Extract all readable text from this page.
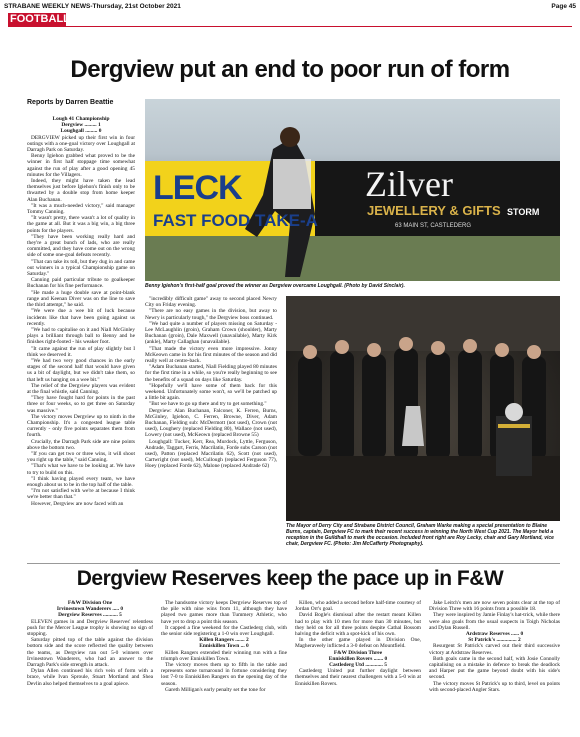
STRABANE WEEKLY NEWS-Thursday, 21st October 2021	Page 45
FOOTBALL
Dergview put an end to poor run of form
Reports by Darren Beattie

Lough 41 Championship

Dergview ......... 1

Loughgall ......... 0

DERGVIEW picked up their first win in four outings with a one-goal victory over Loughgall at Darragh Park on Saturday.

Benny Igiehon grabbed what proved to be the winner in first half stoppage time somewhat against the run of play after a good opening 45 minutes for the Villagers.

Indeed, they might have taken the lead themselves just before Igiehon's finish only to be thwarted by a double stop from home keeper Alan Buchanan.

"It was a much-needed victory," said manager Tommy Canning.

"It wasn't pretty, there wasn't a lot of quality in the game at all. But it was a big win, a big three points for the players.

"They have been working really hard and they're a great bunch of lads, who are really committed, and they have come out on the wrong side of some one-goal defeats recently.

"That can take its toll, but they dug in and came out winners in a typical Championship game on Saturday."

Canning paid particular tribute to goalkeeper Buchanan for his fine performance.

"He made a huge double save at point-blank range and Keenan Diver was on the line to save the third attempt," he said.

"We were due a wee bit of luck because incidents like that have been going against us recently.

"We had to capitalise on it and Niall McGinley plays a brilliant through ball to Benny and he finishes right-footed - his weaker foot.

"It came against the run of play slightly but I think we deserved it.

"We had two very good chances in the early stages of the second half that would have given us a bit of daylight, but we didn't take them, so that left us hanging on a wee bit."

The relief of the Dergview players was evident at the final whistle, said Canning.

"They have fought hard for points in the past three or four weeks, so to get three on Saturday was massive."

The victory moves Dergview up to ninth in the Championship. It's a congested league table currently - only five points separates them from fourth.

Crucially, the Darragh Park side are nine points above the bottom two.

"If you can get two or three wins, it will shoot you right up the table," said Canning.

"That's what we have to be looking at. We have to try to build on this.

"I think having played every team, we have enough about us to be in the top half of the table.

"I'm not satisfied with we're at because I think we're better than that."

However, Dergview are now faced with an

LECK
FAST FOOD TAKE-A
Zilver
JEWELLERY & GIFTS
63 MAIN ST, CASTLEDERG
STORM
Benny Igiehon's first-half goal proved the winner as Dergview overcame Loughgall. (Photo by David Sinclair).

"incredibly difficult game" away to second placed Newry City on Friday evening.

"There are no easy games in the division, but away to Newry is particularly tough," the Dergview boss continued.

"We had quite a number of players missing on Saturday - Lee McLaughlin (groin), Graham Crown (shoulder), Marty Buchanan (groin), Dale Maxwell (unavailable), Marty Kirk (ankle), Marty Callaghan (unavailable).

"That made the victory even more impressive. Jonny McKeown came in for his first minutes of the season and did really well at centre-back.

"Adam Buchanan started, Niall Fielding played 80 minutes for the first time in a while, so you're really beginning to see the benefits of a squad on days like Saturday.

"Hopefully we'll have some of them back for this weekend. Unfortunately some won't, so we'll be patched up a little bit again.

"But we have to go up there and try to get something."

Dergview: Alan Buchanan, Falconer, K. Ferren, Burns, McGinley, Igiehon, C. Ferren, Browne, Diver, Adam Buchanan, Fielding sub: McDermott (not used), Crown (not used), Loughery (replaced Fielding 80), Wallace (not used), Lowery (not used), McKeown (replaced Browne 55)

Loughgall: Tucker, Kerr, Rea, Murdock, Lyttle, Ferguson, Andrade, Taggart, Ferris, Macrilatin, Forde subs Carson (not used), Patton (replaced Macrilatin 62), Scott (not used), Cartwright (not used), McCullough (replaced Ferguson 77), Hoey (replaced Forde 62), Malone (replaced Andrade 62)

The Mayor of Derry City and Strabane District Council, Graham Warke making a special presentation to Blaine Burns, captain, Dergview FC to mark their recent success in winning the North West Cup 2021. The Mayor held a reception in the Guildhall to mark the occasion. Included front right are Roy Lecky, chair and Gary Mortland, vice chair, Dergview FC. (Photo: Jim McCafferty Photography).
Dergview Reserves keep the pace up in F&W

F&W Division One

Irvinestown Wanderers ..... 0

Dergview Reserves ........... 5

ELEVEN games in and Dergview Reserves' relentless push for the Mercer League trophy is showing no sign of stopping.

Saturday pitted top of the table against the division bottom side and the score reflected the quality between the teams, as Dergview ran out 5-0 winners over Irvinestown Wanderers, who had an answer to the Darragh Park's side strength in attack.

Dylan Allen continued his rich vein of form with a brace, while Ivan Sproule, Stuart Mortland and Shea Devlin also helped themselves to a goal apiece.

The handsome victory keeps Dergview Reserves top of the pile with nine wins from 11, although they have played two games more than Tummery Athletic, who have yet to drop a point this season.

It capped a fine weekend for the Castlederg club, with the senior side registering a 1-0 win over Loughgall.

Killen Rangers ....... 2

Enniskillen Town ... 0

Killen Rangers extended their winning run with a fine triumph over Enniskillen Town.

The victory moves them up to fifth in the table and represents some turnaround in fortune considering they lost 7-0 to Enniskillen Rangers on the opening day of the season.

Gareth Milligan's early penalty set the tone for

Killen, who added a second before half-time courtesy of Jordan Orr's goal.

David Bogle's dismissal after the restart meant Killen had to play with 10 men for more than 30 minutes, but they held on for all three points despite Cathal Bossom halving the deficit with a spot-kick of his own.

In the other game played in Division One, Magheraveely inflicted a 3-0 defeat on Mountfield.

F&W Division Three

Enniskillen Rovers ....... 0

Castlederg Utd ............. 5

Castlederg United put further daylight between themselves and their nearest challengers with a 5-0 win at Enniskillen Rovers.

Jake Leitch's men are now seven points clear at the top of Division Three with 16 points from a possible 18.

They were inspired by Jamie Finlay's hat-trick, while there were also goals from the usual suspects in Toigh Nicholas and Dylan Russell.

Ardstraw Reserves ...... 0

St Patrick's ............... 2

Resurgent St Patrick's carved out their third successive victory at Ardstraw Reserves.

Both goals came in the second half, with Josie Connolly capitalising on a mistake in defence to break the deadlock and Harper put the game beyond doubt with his side's second.

The victory moves St Patrick's up to third, level on points with second-placed Angler Stars.
